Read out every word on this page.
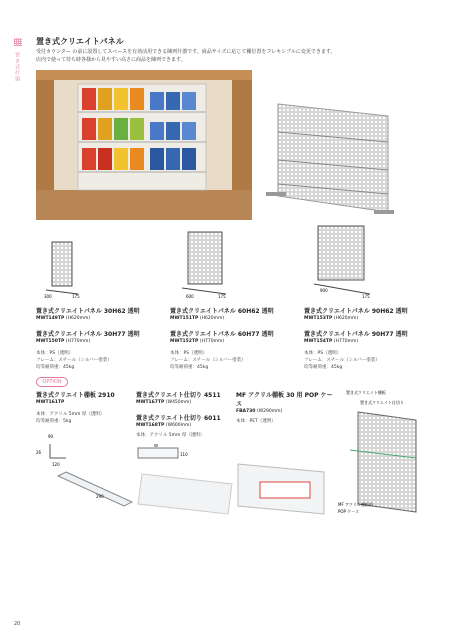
置き式什器
置き式クリエイトパネル
受付カウンター の前に設置してスペースを有効活用できる陳列什器です。商品サイズに応じて棚位置をフレキシブルに変更できます。
店内で使って待ち時各様から見やすい高さに商品を陳列できます。
300	175	600	175
900
175
置き式クリエイトパネル 30H62 透明
MWT149TP (H620mm)
置き式クリエイトパネル 30H77 透明
MWT150TP (H770mm)
本体：PS（透明）
フレーム：スチール（シルバー塗装）
均等耐荷重：45kg
置き式クリエイトパネル 60H62 透明
MWT151TP (H620mm)
置き式クリエイトパネル 60H77 透明
MWT152TP (H770mm)
本体：PS（透明）
フレーム：スチール（シルバー塗装）
均等耐荷重：45kg
置き式クリエイトパネル 90H62 透明
MWT153TP (H620mm)
置き式クリエイトパネル 90H77 透明
MWT154TP (H770mm)
本体：PS（透明）
フレーム：スチール（シルバー塗装）
均等耐荷重：45kg
OPTION
置き式クリエイト棚板 2910
MWT161TP
本体：アクリル 5mm 厚（透明）
均等耐荷重：5kg
90
26
120
290
置き式クリエイト仕切り 4511
MWT167TP (W450mm)
置き式クリエイト仕切り 6011
MWT168TP (W600mm)
本体：アクリル 5mm 厚（透明）
W
110
MF アクリル棚板 30 用 POP ケース
FBA730 (W290mm)
本体：PET（透明）
置き式クリエイト棚板
置き式クリエイト仕切り
MF アクリル棚板用
POP ケース
20
